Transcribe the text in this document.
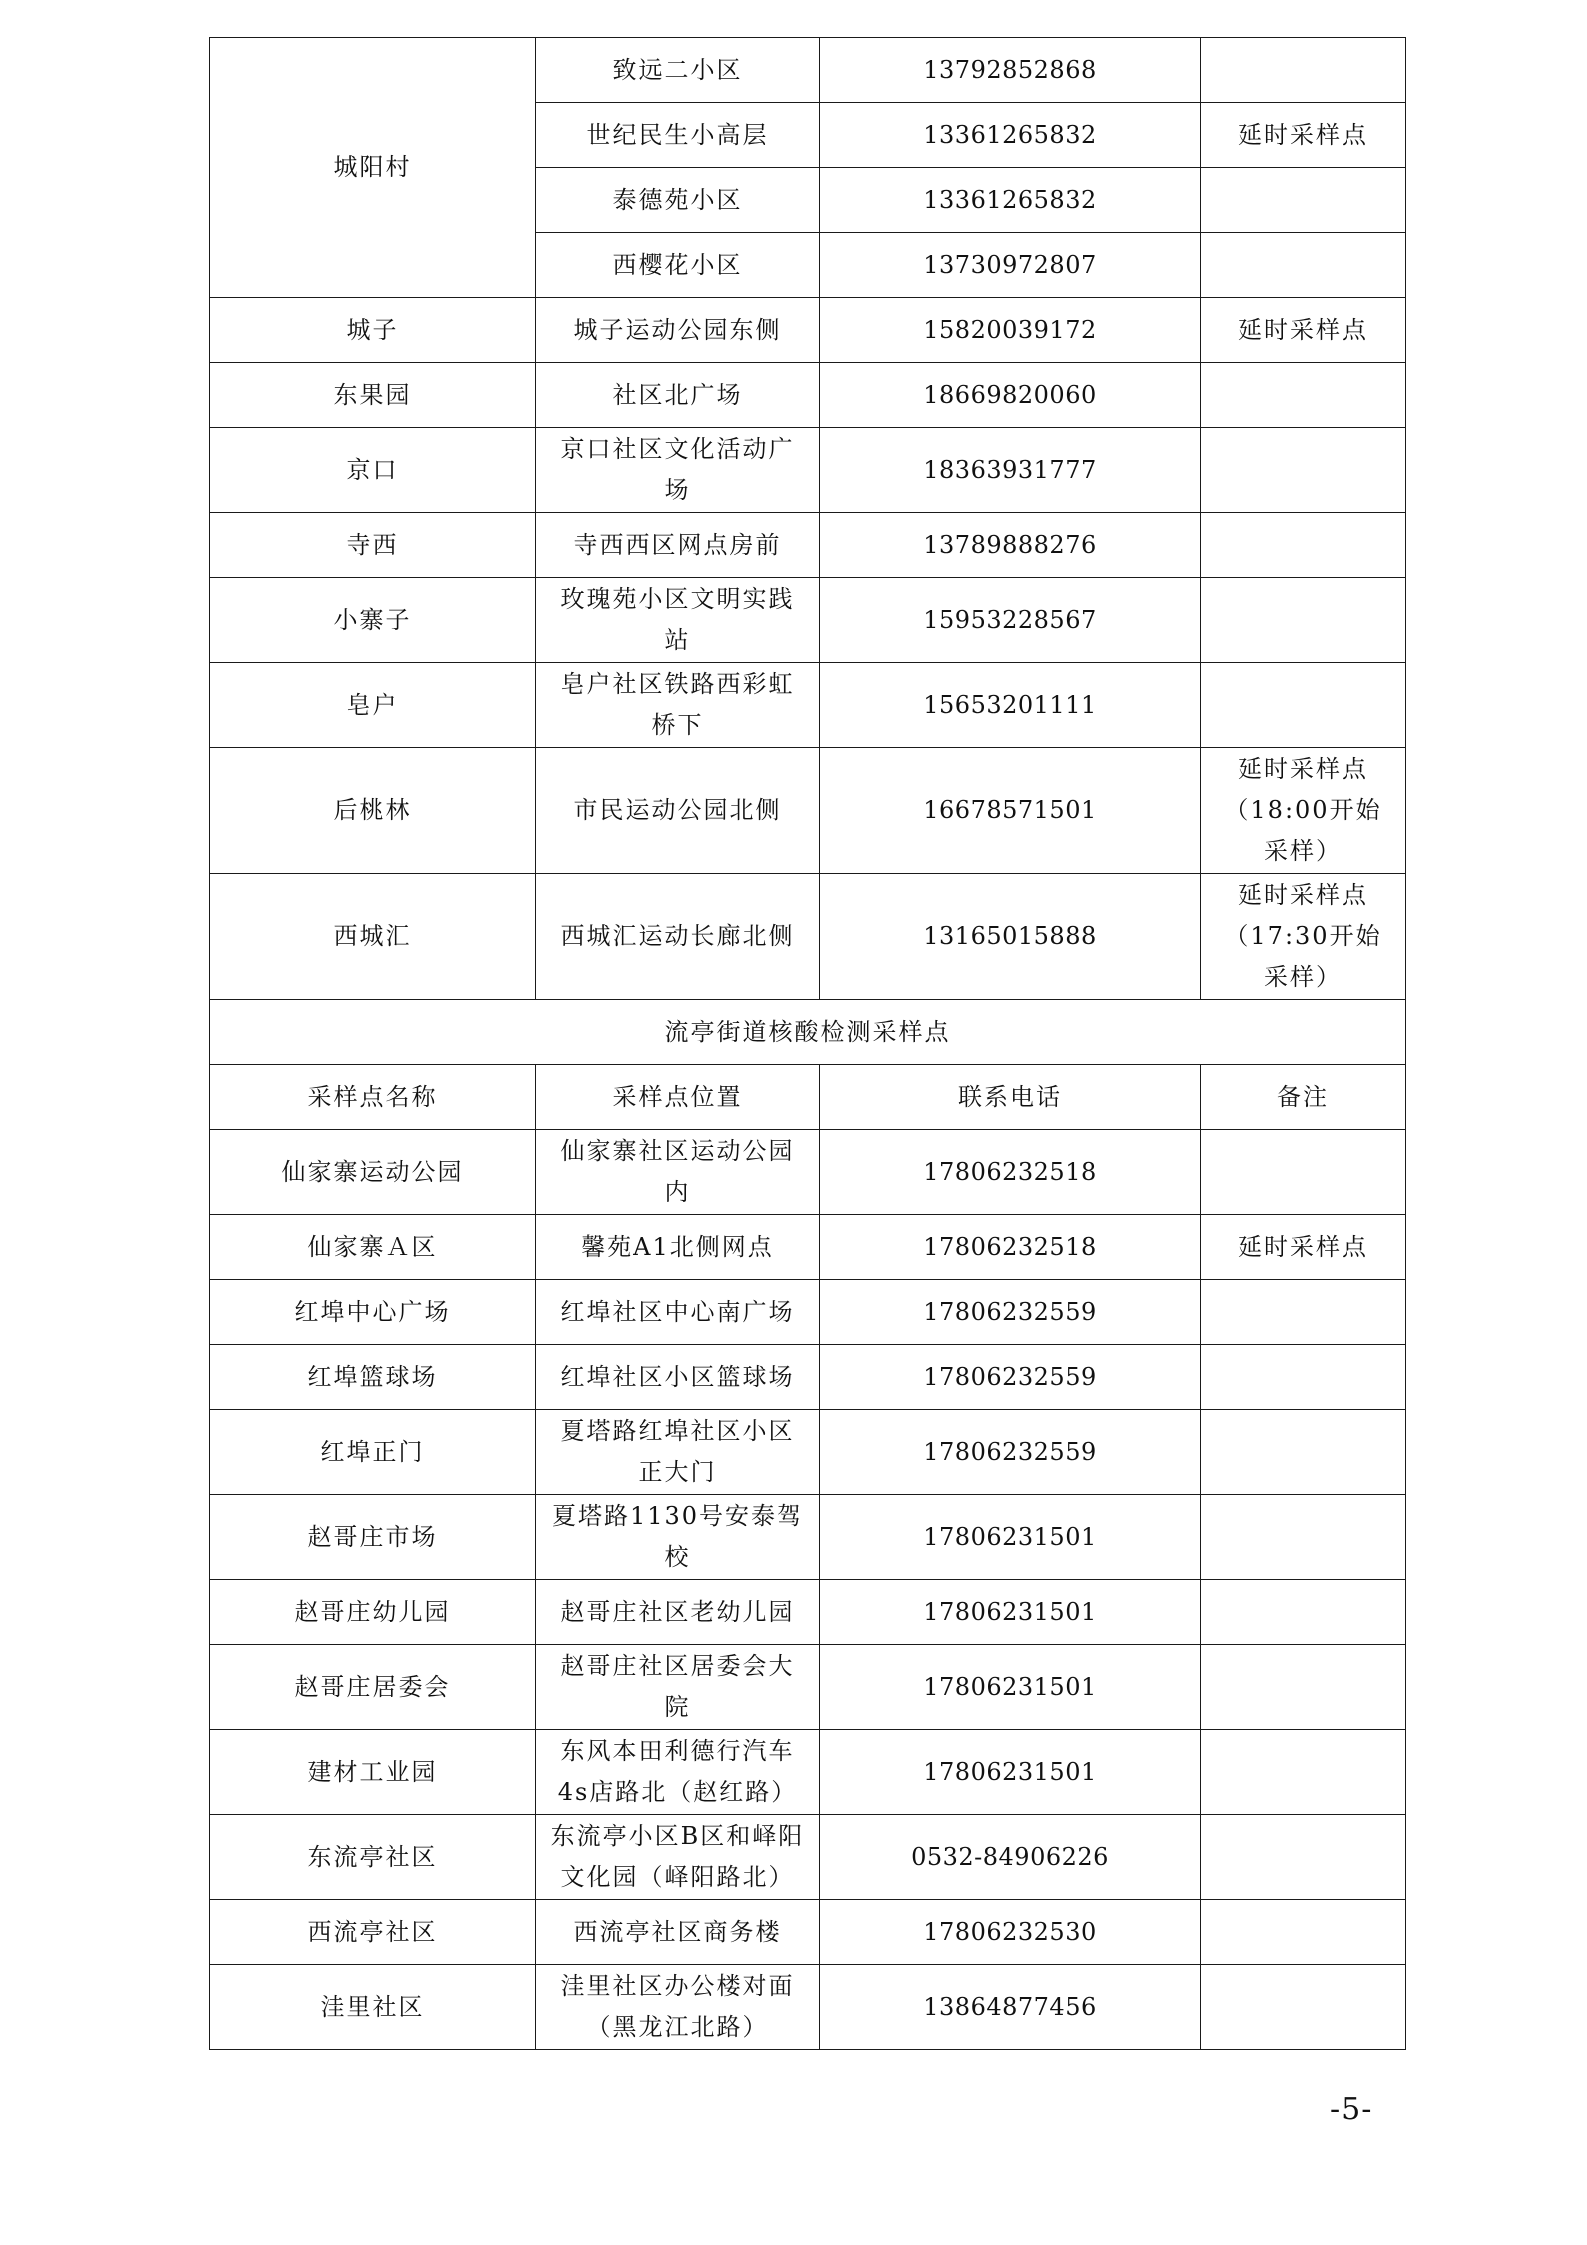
城阳村	致远二小区	13792852868	
	世纪民生小高层	13361265832	延时采样点
	泰德苑小区	13361265832	
	西樱花小区	13730972807	
城子	城子运动公园东侧	15820039172	延时采样点
东果园	社区北广场	18669820060	
京口	京口社区文化活动广场	18363931777	
寺西	寺西西区网点房前	13789888276	
小寨子	玫瑰苑小区文明实践站	15953228567	
皂户	皂户社区铁路西彩虹桥下	15653201111	
后桃林	市民运动公园北侧	16678571501	延时采样点（18:00开始采样）
西城汇	西城汇运动长廊北侧	13165015888	延时采样点（17:30开始采样）
流亭街道核酸检测采样点			
采样点名称	采样点位置	联系电话	备注
仙家寨运动公园	仙家寨社区运动公园内	17806232518	
仙家寨Ａ区	馨苑A1北侧网点	17806232518	延时采样点
红埠中心广场	红埠社区中心南广场	17806232559	
红埠篮球场	红埠社区小区篮球场	17806232559	
红埠正门	夏塔路红埠社区小区正大门	17806232559	
赵哥庄市场	夏塔路1130号安泰驾校	17806231501	
赵哥庄幼儿园	赵哥庄社区老幼儿园	17806231501	
赵哥庄居委会	赵哥庄社区居委会大院	17806231501	
建材工业园	东风本田利德行汽车4s店路北（赵红路）	17806231501	
东流亭社区	东流亭小区B区和峄阳文化园（峄阳路北）	0532-84906226	
西流亭社区	西流亭社区商务楼	17806232530	
洼里社区	洼里社区办公楼对面（黑龙江北路）	13864877456	
-5-
